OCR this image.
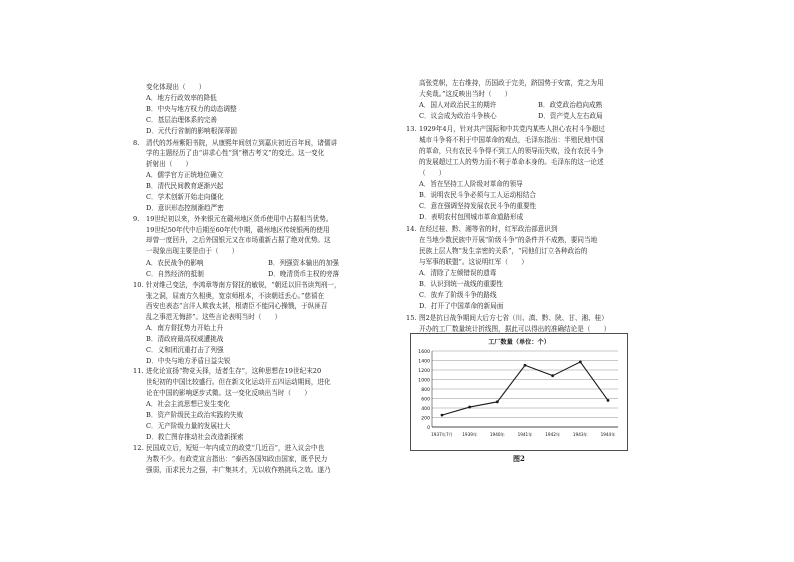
变化体现出（　　）
A．地方行政效率的降低
B．中央与地方权力的动态调整
C．基层治理体系的完善
D．元代行省制的影响根深蒂固
8. 清代的苏州紫阳书院，从康熙年间创立到嘉庆初近百年间，诸儒讲
学的主题经历了由“讲求心性”到“稽古考文”的变迁。这一变化
折射出（　　）
A．儒学官方正统地位确立
B．清代民间教育逐渐兴起
C．学术创新开始走向僵化
D．意识形态控制渐趋严密
9. 19世纪初以来，外来银元在赣州地区货币使用中占据相当优势。
19世纪50年代中后期至60年代中期，赣州地区传统银两的使用
却曾一度回升，之后外国银元又在市场重新占据了绝对优势。这
一现象出现主要是由于（　　）
A．农民战争的影响	B．列强资本输出的加强
C．自然经济的抵制	D．晚清货币主权的旁落
10. 针对维己变法，李鸿章等南方督抚的敏锐，“朝廷以旧书读判刑一，
张之洞，屈南方久相奥，宽京师根本，不读朝廷丢心。”慈禧在
西安也表态“言洋人欺我太甚，根请臣不能同心操戮，于纵匪召
乱之事范无悔辞”。这些言论表明当时（　　）
A．南方督抚势力开始上升
B．清政府最高权威遭挑战
C．义和团沉重打击了列强
D．中央与地方矛盾日益尖锐
11. 进化论宣扬“物竞天择，适者生存”，这种思想在19世纪末20
世纪初的中国比较盛行。但在新文化运动开五四运动期间，进化
论在中国的影响逐步式微。这一变化反映出当时（　　）
A．社会主流思想已发生变化
B．资产阶级民主政治实践的失败
C．无产阶级力量的发展壮大
D．救亡图存推动社会改造新探索
12. 民国成立后，短短一年内成立的政党“几近百”，进入议会中也
为数不少。有政党宣言指出：“泰西各国知政由国家，既乎民力
强弱，而求民力之强，丰广集其才，无以收作熟挑兵之效。遂乃
高张党帜，左右维持，历国政于完美，跻国势于安富，党之为用
大矣哉。”这反映出当时（　　）
A．国人对政治民主的期许	B．政党政治趋向成熟
C．议会成为政治斗争核心	D．资产党人左右政局
13. 1929年4月，针对共产国际和中共党内某些人担心农村斗争超过
城市斗争将不利于中国革命的观点，毛泽东指出：半殖民地中国
的革命，只有农民斗争得不到工人的领导而失败，没有农民斗争
的发展超过工人的势力而不利于革命本身的。毛泽东的这一论述
（　　）
A．旨在坚持工人阶级对革命的领导
B．说明农民斗争必须与工人运动相结合
C．意在强调坚持发展农民斗争的重要性
D．表明农村包围城市革命道路形成
14. 在经过桂、黔、湘等省的时，红军政治部意识到
在当地少数民族中开展“阶级斗争”的条件并不成熟，要同当地
民族上层人物“发生亲密的关系”，“同他们订立各种政治的
与军事的联盟”。这说明红军（　　）
A．清除了左倾错误的遗毒
B．认识到统一战线的重要性
C．放弃了阶级斗争的路线
D．打开了中国革命的新局面
15. 图2是抗日战争期间大后方七省（川、滇、黔、陕、甘、湘、桂）
开办的工厂数量统计折线图，据此可以得出的准确结论是（　　）
工厂数量（单位：个）
0
200
400
600
800
1000
1200
1400
1600
1937年7月 1939年	1940年	1941年	1942年	1943年	1944年
图2
